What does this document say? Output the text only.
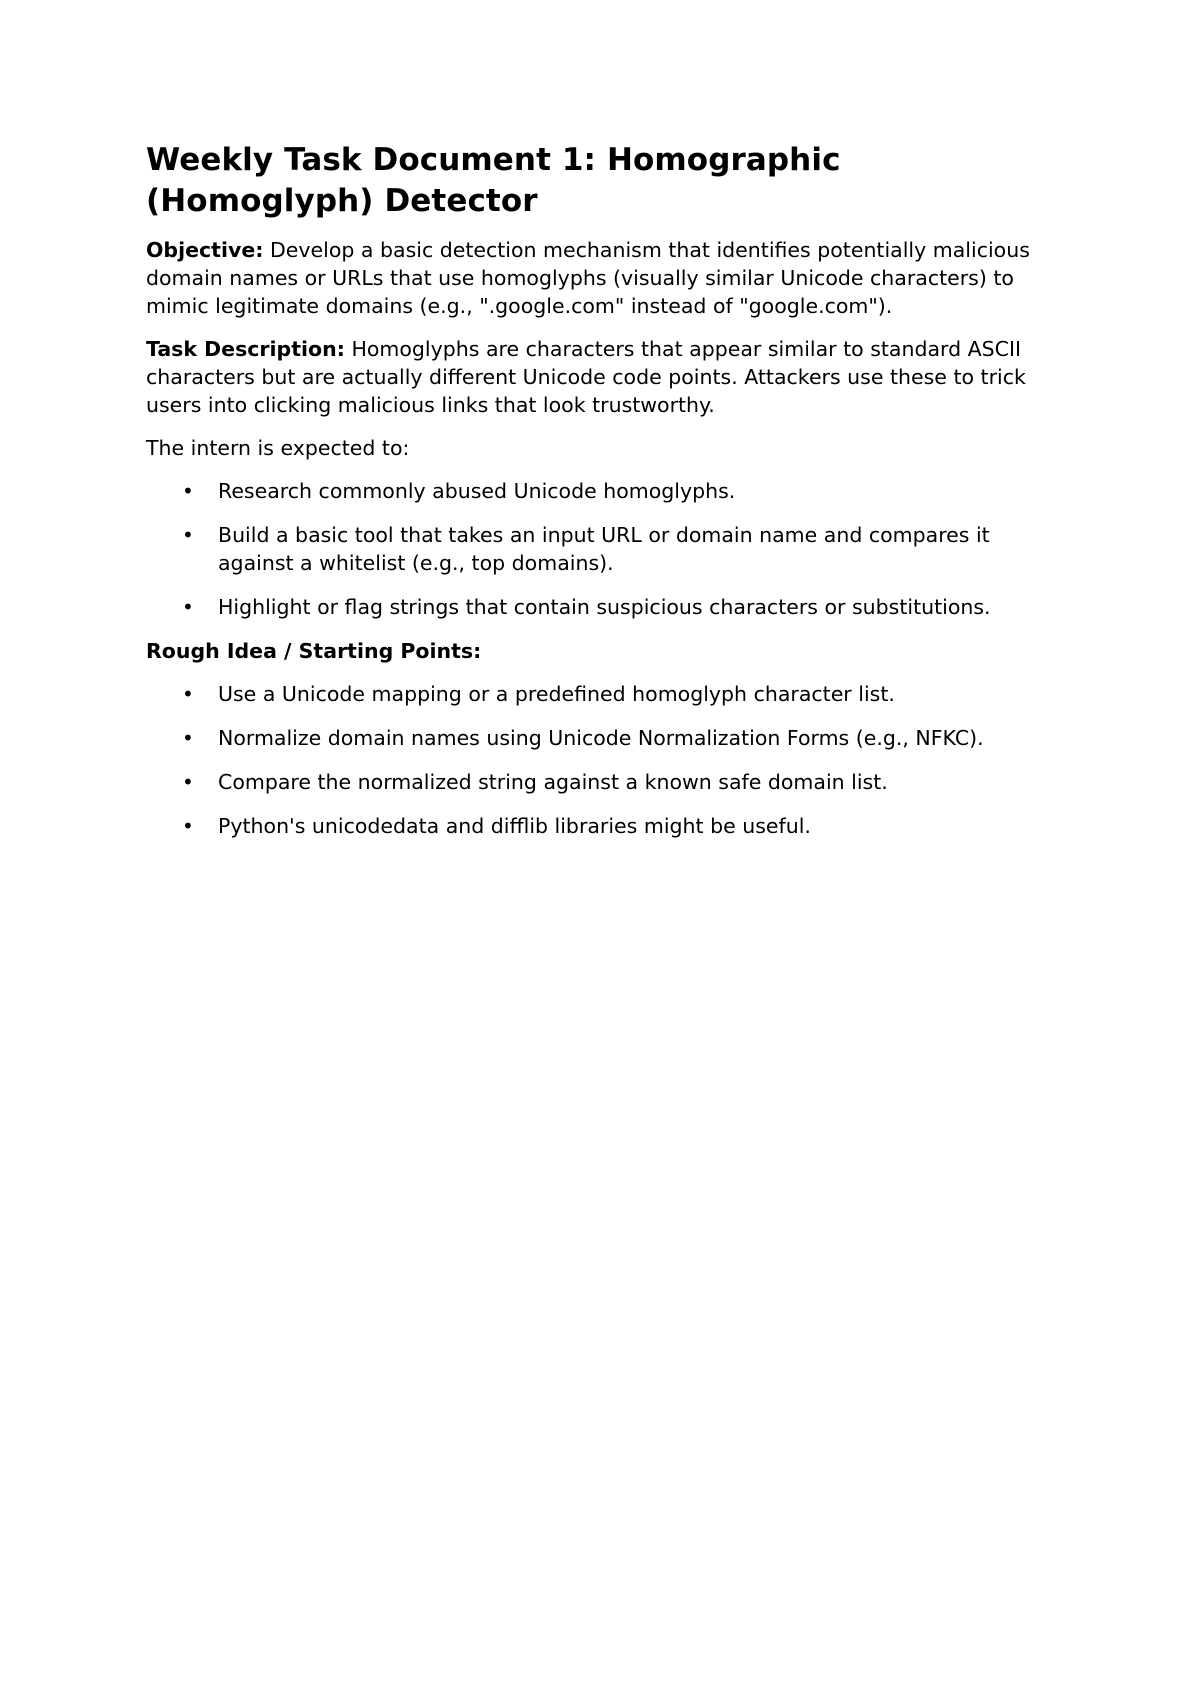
Weekly Task Document 1: Homographic (Homoglyph) Detector

Objective: Develop a basic detection mechanism that identifies potentially malicious domain names or URLs that use homoglyphs (visually similar Unicode characters) to mimic legitimate domains (e.g., ".google.com" instead of "google.com").

Task Description: Homoglyphs are characters that appear similar to standard ASCII characters but are actually different Unicode code points. Attackers use these to trick users into clicking malicious links that look trustworthy.

The intern is expected to:

• Research commonly abused Unicode homoglyphs.
• Build a basic tool that takes an input URL or domain name and compares it against a whitelist (e.g., top domains).
• Highlight or flag strings that contain suspicious characters or substitutions.

Rough Idea / Starting Points:

• Use a Unicode mapping or a predefined homoglyph character list.
• Normalize domain names using Unicode Normalization Forms (e.g., NFKC).
• Compare the normalized string against a known safe domain list.
• Python's unicodedata and difflib libraries might be useful.
